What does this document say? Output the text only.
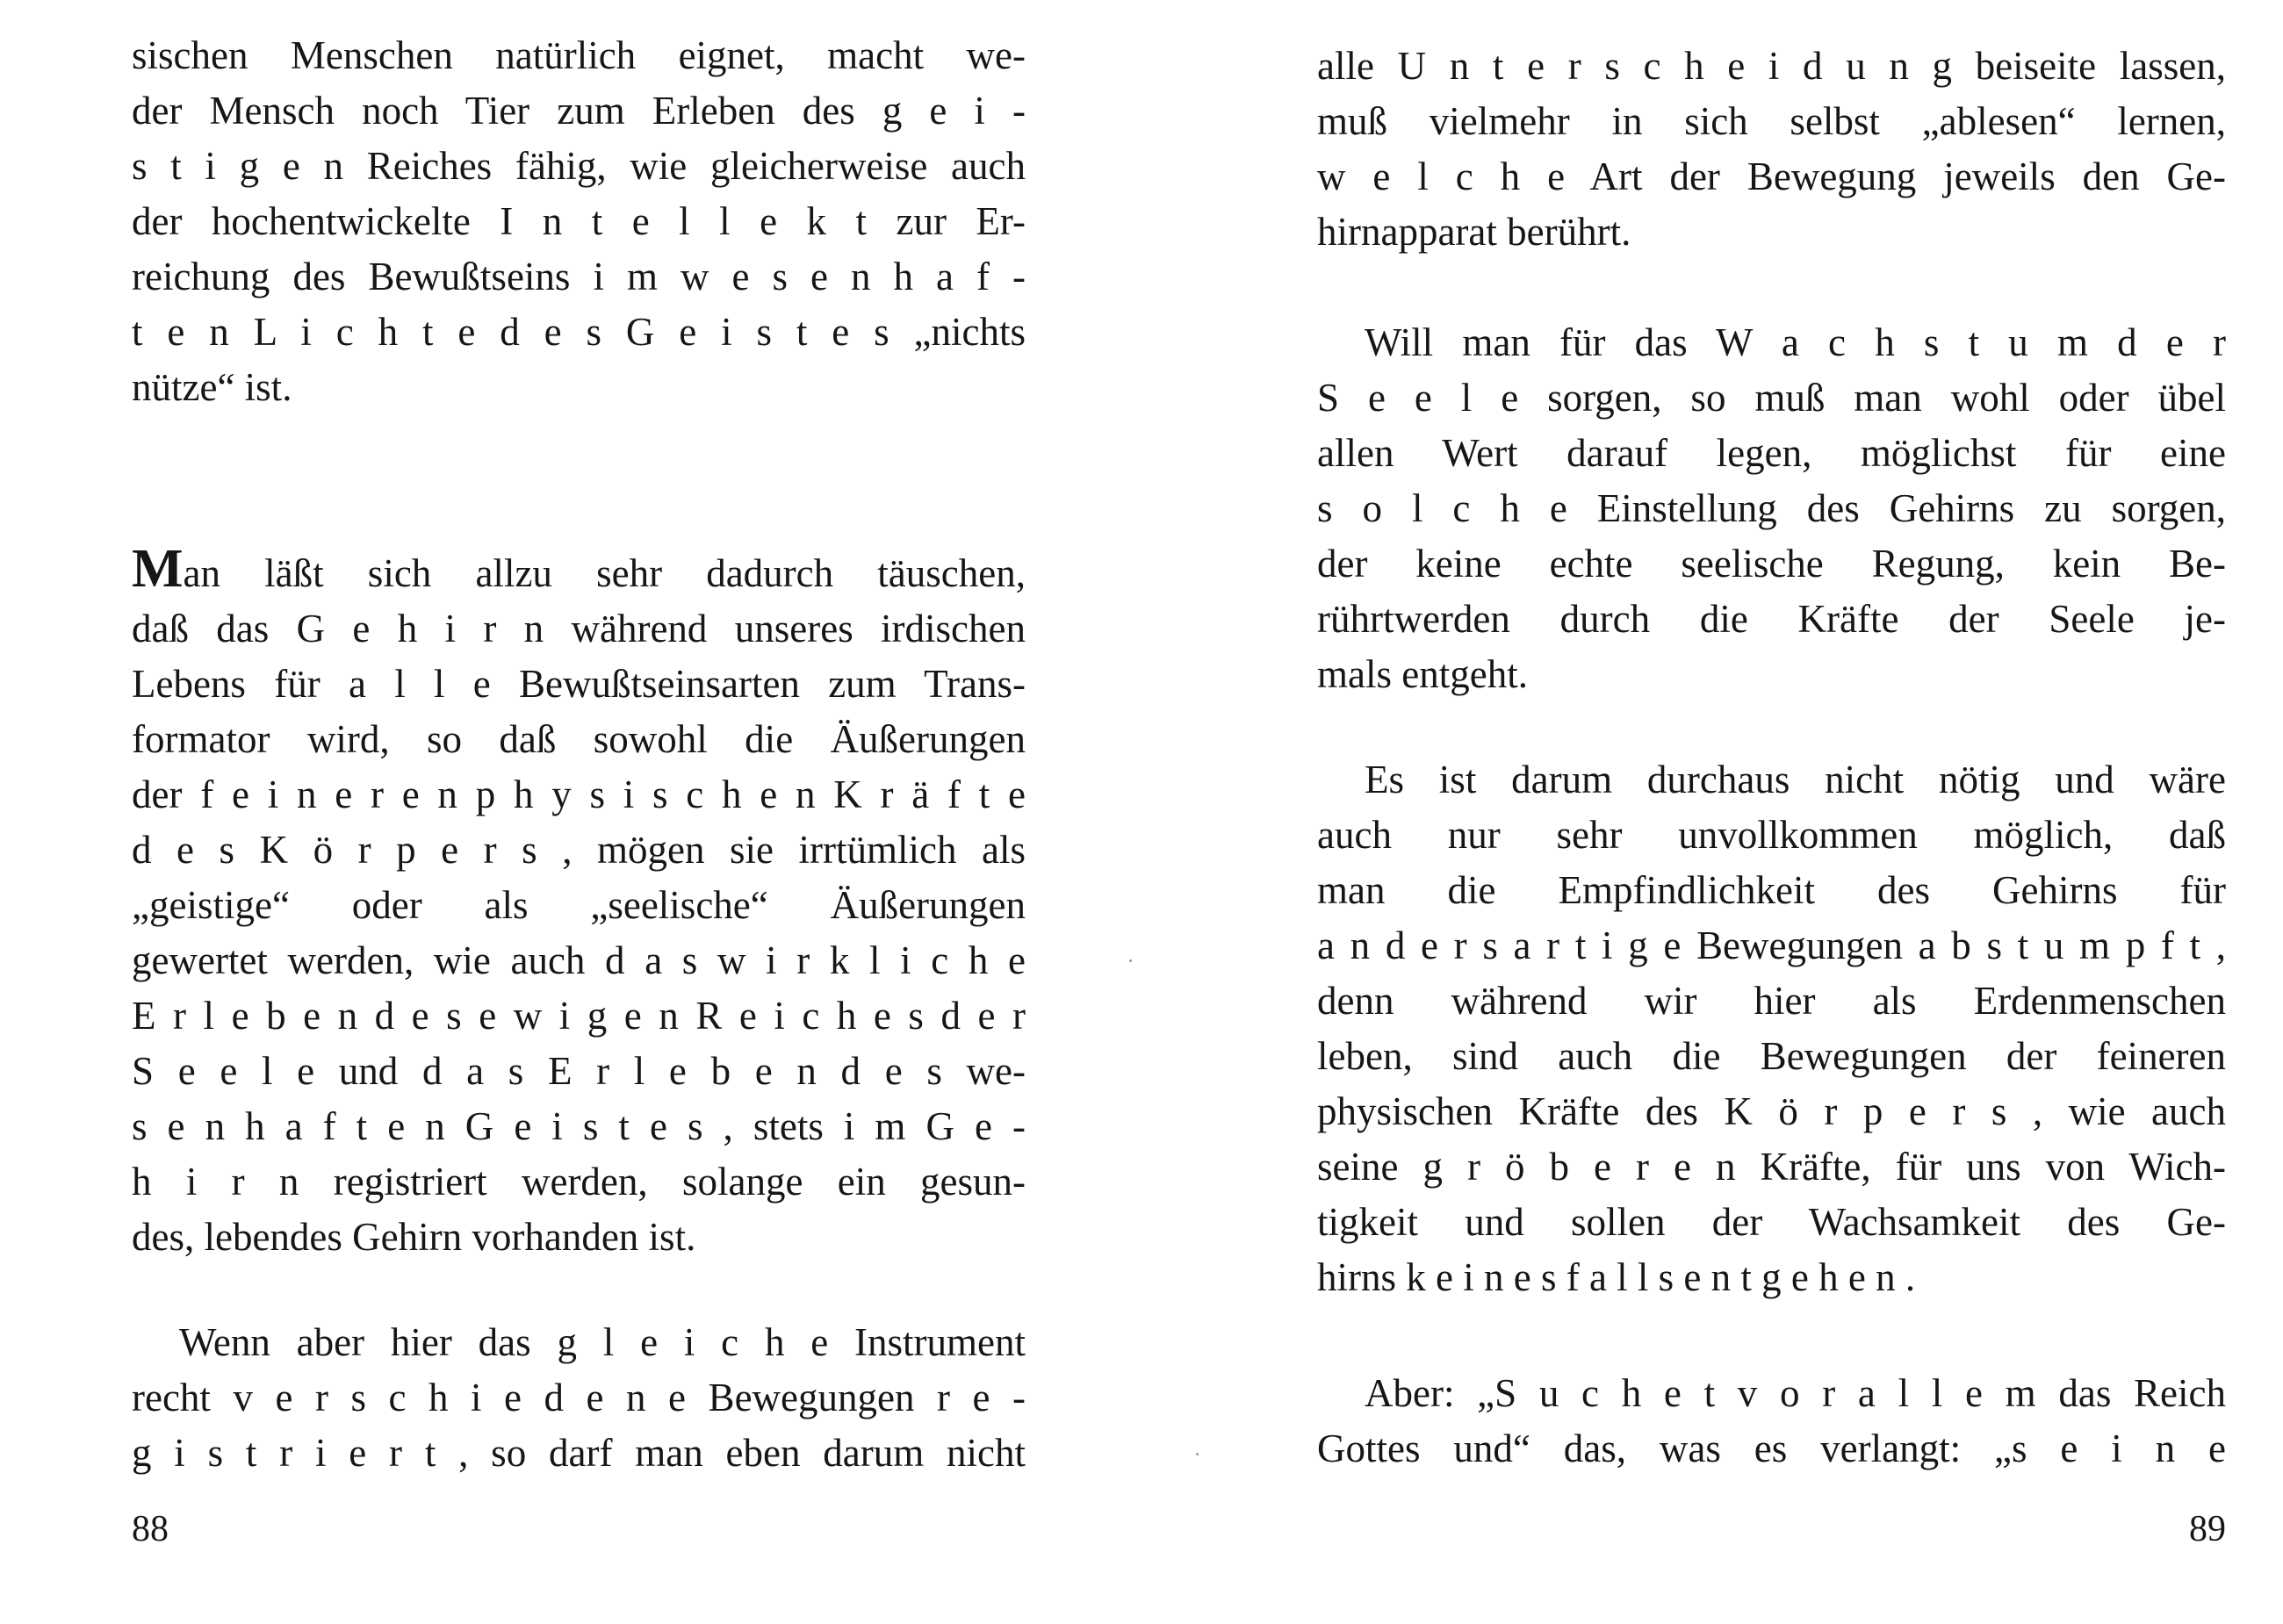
sischen Menschen natürlich eignet, macht we-
der Mensch noch Tier zum Erleben des g e i -
s t i g e n Reiches fähig, wie gleicherweise auch
der hochentwickelte I n t e l l e k t zur Er-
reichung des Bewußtseins i m w e s e n h a f -
t e n L i c h t e d e s G e i s t e s „nichts
nütze“ ist.

Man läßt sich allzu sehr dadurch täuschen,
daß das G e h i r n während unseres irdischen
Lebens für a l l e Bewußtseinsarten zum Trans-
formator wird, so daß sowohl die Äußerungen
der f e i n e r e n p h y s i s c h e n K r ä f t e
d e s K ö r p e r s , mögen sie irrtümlich als
„geistige“ oder als „seelische“ Äußerungen
gewertet werden, wie auch d a s w i r k l i c h e
E r l e b e n d e s e w i g e n R e i c h e s d e r
S e e l e und d a s E r l e b e n d e s we-
s e n h a f t e n G e i s t e s , stets i m G e -
h i r n registriert werden, solange ein gesun-
des, lebendes Gehirn vorhanden ist.

Wenn aber hier das g l e i c h e Instrument
recht v e r s c h i e d e n e Bewegungen r e -
g i s t r i e r t , so darf man eben darum nicht

88

alle U n t e r s c h e i d u n g beiseite lassen,
muß vielmehr in sich selbst „ablesen“ lernen,
w e l c h e Art der Bewegung jeweils den Ge-
hirnapparat berührt.

Will man für das W a c h s t u m d e r
S e e l e sorgen, so muß man wohl oder übel
allen Wert darauf legen, möglichst für eine
s o l c h e Einstellung des Gehirns zu sorgen,
der keine echte seelische Regung, kein Be-
rührtwerden durch die Kräfte der Seele je-
mals entgeht.

Es ist darum durchaus nicht nötig und wäre
auch nur sehr unvollkommen möglich, daß
man die Empfindlichkeit des Gehirns für
a n d e r s a r t i g e Bewegungen a b s t u m p f t ,
denn während wir hier als Erdenmenschen
leben, sind auch die Bewegungen der feineren
physischen Kräfte des K ö r p e r s , wie auch
seine g r ö b e r e n Kräfte, für uns von Wich-
tigkeit und sollen der Wachsamkeit des Ge-
hirns k e i n e s f a l l s e n t g e h e n .

Aber: „S u c h e t v o r a l l e m das Reich
Gottes und“ das, was es verlangt: „s e i n e

89
